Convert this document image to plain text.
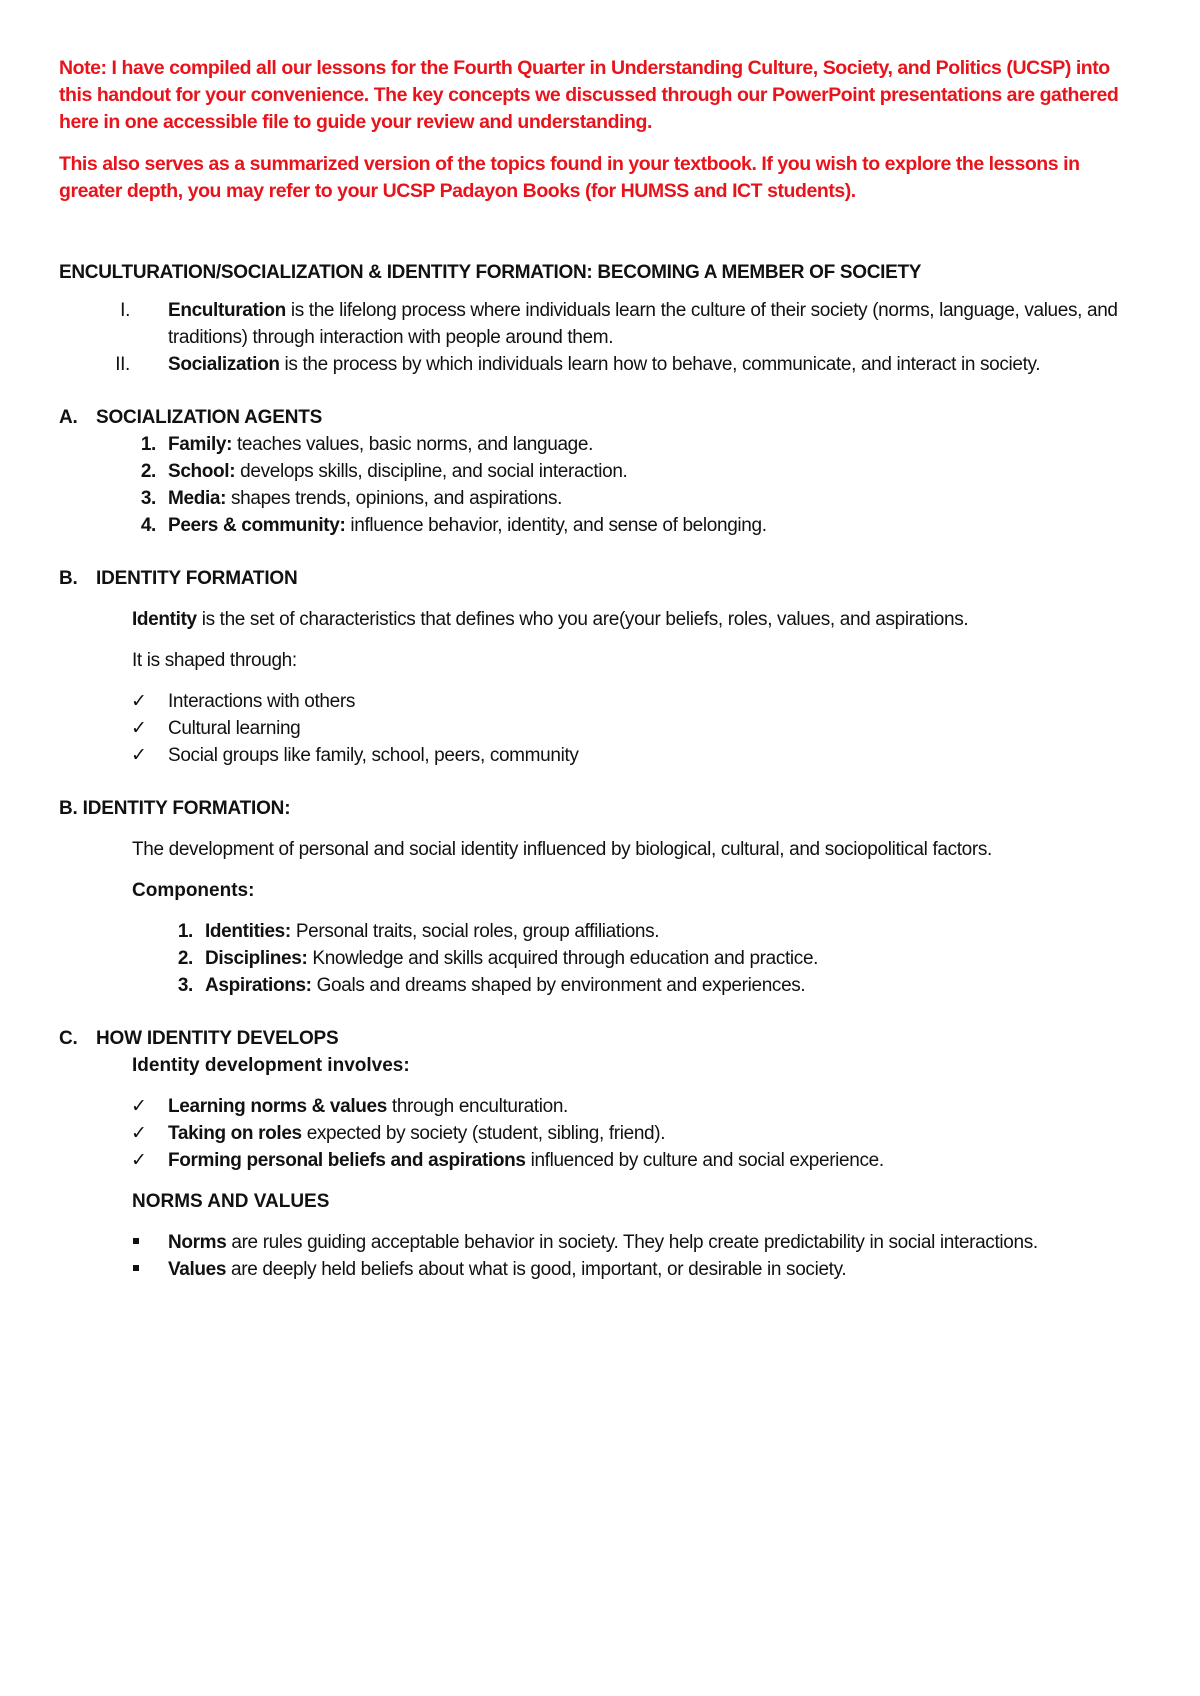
Note: I have compiled all our lessons for the Fourth Quarter in Understanding Culture, Society, and Politics (UCSP) into this handout for your convenience. The key concepts we discussed through our PowerPoint presentations are gathered here in one accessible file to guide your review and understanding.

This also serves as a summarized version of the topics found in your textbook. If you wish to explore the lessons in greater depth, you may refer to your UCSP Padayon Books (for HUMSS and ICT students).

ENCULTURATION/SOCIALIZATION & IDENTITY FORMATION: BECOMING A MEMBER OF SOCIETY
I.	Enculturation is the lifelong process where individuals learn the culture of their society (norms, language, values, and traditions) through interaction with people around them.
II.	Socialization is the process by which individuals learn how to behave, communicate, and interact in society.
A. SOCIALIZATION AGENTS
1. Family: teaches values, basic norms, and language.
2. School: develops skills, discipline, and social interaction.
3. Media: shapes trends, opinions, and aspirations.
4. Peers & community: influence behavior, identity, and sense of belonging.
B. IDENTITY FORMATION
Identity is the set of characteristics that defines who you are(your beliefs, roles, values, and aspirations.
It is shaped through:
✓	Interactions with others
✓	Cultural learning
✓	Social groups like family, school, peers, community
B. IDENTITY FORMATION:
The development of personal and social identity influenced by biological, cultural, and sociopolitical factors.
Components:
1. Identities: Personal traits, social roles, group affiliations.
2. Disciplines: Knowledge and skills acquired through education and practice.
3. Aspirations: Goals and dreams shaped by environment and experiences.
C. HOW IDENTITY DEVELOPS
Identity development involves:
✓	Learning norms & values through enculturation.
✓	Taking on roles expected by society (student, sibling, friend).
✓	Forming personal beliefs and aspirations influenced by culture and social experience.
NORMS AND VALUES
Norms are rules guiding acceptable behavior in society. They help create predictability in social interactions.
Values are deeply held beliefs about what is good, important, or desirable in society.
